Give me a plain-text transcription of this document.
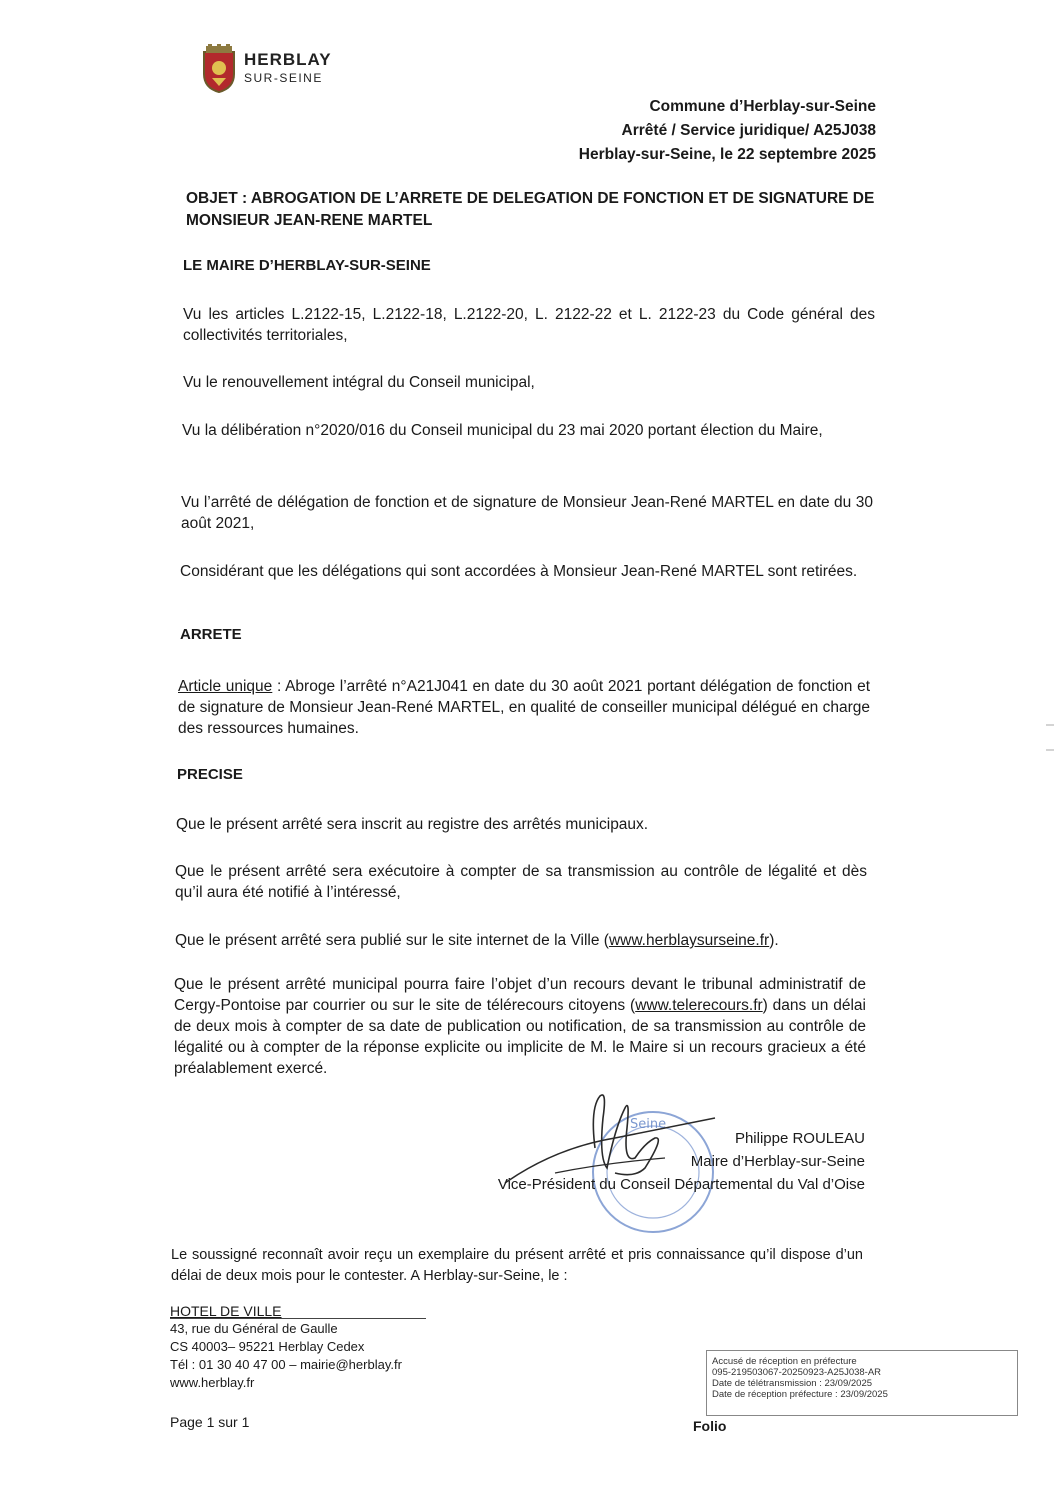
HERBLAY
SUR-SEINE
Commune d’Herblay-sur-Seine
Arrêté / Service juridique/ A25J038
Herblay-sur-Seine, le 22 septembre 2025
OBJET : ABROGATION DE L’ARRETE DE DELEGATION DE FONCTION ET DE SIGNATURE DE MONSIEUR JEAN-RENE MARTEL
LE MAIRE D’HERBLAY-SUR-SEINE
Vu les articles L.2122-15, L.2122-18, L.2122-20, L. 2122-22 et L. 2122-23 du Code général des collectivités territoriales,
Vu le renouvellement intégral du Conseil municipal,
Vu la délibération n°2020/016 du Conseil municipal du 23 mai 2020 portant élection du Maire,
Vu l’arrêté de délégation de fonction et de signature de Monsieur Jean-René MARTEL en date du 30 août 2021,
Considérant que les délégations qui sont accordées à Monsieur Jean-René MARTEL sont retirées.
ARRETE
Article unique : Abroge l’arrêté n°A21J041 en date du 30 août 2021 portant délégation de fonction et de signature de Monsieur Jean-René MARTEL, en qualité de conseiller municipal délégué en charge des ressources humaines.
PRECISE
Que le présent arrêté sera inscrit au registre des arrêtés municipaux.
Que le présent arrêté sera exécutoire à compter de sa transmission au contrôle de légalité et dès qu’il aura été notifié à l’intéressé,
Que le présent arrêté sera publié sur le site internet de la Ville (www.herblaysurseine.fr).
Que le présent arrêté municipal pourra faire l’objet d’un recours devant le tribunal administratif de Cergy-Pontoise par courrier ou sur le site de télérecours citoyens (www.telerecours.fr) dans un délai de deux mois à compter de sa date de publication ou notification, de sa transmission au contrôle de légalité ou à compter de la réponse explicite ou implicite de M. le Maire si un recours gracieux a été préalablement exercé.
Seine
Philippe ROULEAU
Maire d’Herblay-sur-Seine
Vice-Président du Conseil Départemental du Val d’Oise
Le soussigné reconnaît avoir reçu un exemplaire du présent arrêté et pris connaissance qu’il dispose d’un délai de deux mois pour le contester. A Herblay-sur-Seine, le :
HOTEL DE VILLE
43, rue du Général de Gaulle
CS 40003– 95221 Herblay Cedex
Tél : 01 30 40 47 00 – mairie@herblay.fr
www.herblay.fr
Accusé de réception en préfecture
095-219503067-20250923-A25J038-AR
Date de télétransmission : 23/09/2025
Date de réception préfecture : 23/09/2025
Page 1 sur 1	Folio
